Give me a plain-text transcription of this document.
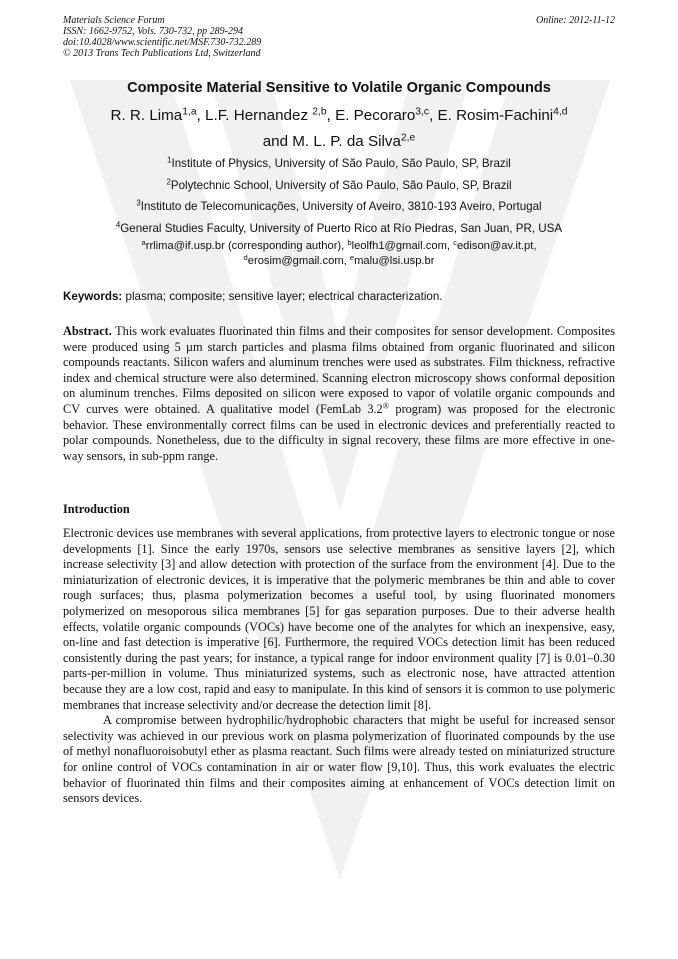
Materials Science Forum
ISSN: 1662-9752, Vols. 730-732, pp 289-294
doi:10.4028/www.scientific.net/MSF.730-732.289
© 2013 Trans Tech Publications Ltd, Switzerland
Online: 2012-11-12
Composite Material Sensitive to Volatile Organic Compounds
R. R. Lima$^{1,a}$, L.F. Hernandez $^{2,b}$, E. Pecoraro$^{3,c}$, E. Rosim-Fachini$^{4,d}$
and M. L. P. da Silva$^{2,e}$
$^1$Institute of Physics, University of São Paulo, São Paulo, SP, Brazil
$^2$Polytechnic School, University of São Paulo, São Paulo, SP, Brazil
$^3$Instituto de Telecomunicações, University of Aveiro, 3810-193 Aveiro, Portugal
$^4$General Studies Faculty, University of Puerto Rico at Río Piedras, San Juan, PR, USA
$^a$rrlima@if.usp.br (corresponding author), $^b$leolfh1@gmail.com, $^c$edison@av.it.pt,
$^d$erosim@gmail.com, $^e$malu@lsi.usp.br
Keywords: plasma; composite; sensitive layer; electrical characterization.
Abstract. This work evaluates fluorinated thin films and their composites for sensor development. Composites were produced using 5 µm starch particles and plasma films obtained from organic fluorinated and silicon compounds reactants. Silicon wafers and aluminum trenches were used as substrates. Film thickness, refractive index and chemical structure were also determined. Scanning electron microscopy shows conformal deposition on aluminum trenches. Films deposited on silicon were exposed to vapor of volatile organic compounds and CV curves were obtained. A qualitative model (FemLab 3.2® program) was proposed for the electronic behavior. These environmentally correct films can be used in electronic devices and preferentially reacted to polar compounds. Nonetheless, due to the difficulty in signal recovery, these films are more effective in one-way sensors, in sub-ppm range.
Introduction

Electronic devices use membranes with several applications, from protective layers to electronic tongue or nose developments [1]. Since the early 1970s, sensors use selective membranes as sensitive layers [2], which increase selectivity [3] and allow detection with protection of the surface from the environment [4]. Due to the miniaturization of electronic devices, it is imperative that the polymeric membranes be thin and able to cover rough surfaces; thus, plasma polymerization becomes a useful tool, by using fluorinated monomers polymerized on mesoporous silica membranes [5] for gas separation purposes. Due to their adverse health effects, volatile organic compounds (VOCs) have become one of the analytes for which an inexpensive, easy, on-line and fast detection is imperative [6]. Furthermore, the required VOCs detection limit has been reduced consistently during the past years; for instance, a typical range for indoor environment quality [7] is 0.01–0.30 parts-per-million in volume. Thus miniaturized systems, such as electronic nose, have attracted attention because they are a low cost, rapid and easy to manipulate. In this kind of sensors it is common to use polymeric membranes that increase selectivity and/or decrease the detection limit [8].

A compromise between hydrophilic/hydrophobic characters that might be useful for increased sensor selectivity was achieved in our previous work on plasma polymerization of fluorinated compounds by the use of methyl nonafluoroisobutyl ether as plasma reactant. Such films were already tested on miniaturized structure for online control of VOCs contamination in air or water flow [9,10]. Thus, this work evaluates the electric behavior of fluorinated thin films and their composites aiming at enhancement of VOCs detection limit on sensors devices.
